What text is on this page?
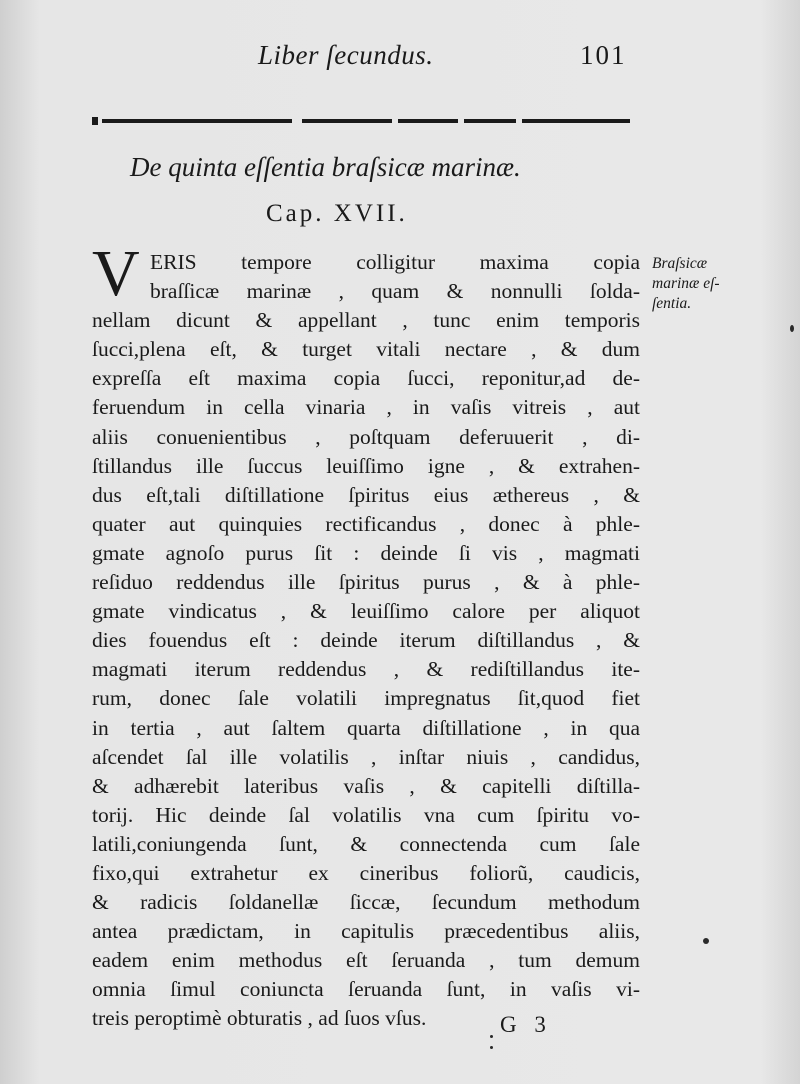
Liber ſecundus.	101
De quinta eſſentia braſsicæ marinæ.
Cap. XVII.
Braſsicæ
marinæ eſ-
ſentia.
V ERIS tempore colligitur maxima copia
braſſicæ marinæ , quam & nonnulli ſolda-
nellam dicunt & appellant , tunc enim temporis
ſucci,plena eſt, & turget vitali nectare , & dum
expreſſa eſt maxima copia ſucci, reponitur,ad de-
feruendum in cella vinaria , in vaſis vitreis , aut
aliis conuenientibus , poſtquam deferuuerit , di-
ſtillandus ille ſuccus leuiſſimo igne , & extrahen-
dus eſt,tali diſtillatione ſpiritus eius æthereus , &
quater aut quinquies rectificandus , donec à phle-
gmate agnoſo purus ſit : deinde ſi vis , magmati
reſiduo reddendus ille ſpiritus purus , & à phle-
gmate vindicatus , & leuiſſimo calore per aliquot
dies fouendus eſt : deinde iterum diſtillandus , &
magmati iterum reddendus , & rediſtillandus ite-
rum, donec ſale volatili impregnatus ſit,quod fiet
in tertia , aut ſaltem quarta diſtillatione , in qua
aſcendet ſal ille volatilis , inſtar niuis , candidus,
& adhærebit lateribus vaſis , & capitelli diſtilla-
torij. Hic deinde ſal volatilis vna cum ſpiritu vo-
latili,coniungenda ſunt, & connectenda cum ſale
fixo,qui extrahetur ex cineribus foliorũ, caudicis,
& radicis ſoldanellæ ſiccæ, ſecundum methodum
antea prædictam, in capitulis præcedentibus aliis,
eadem enim methodus eſt ſeruanda , tum demum
omnia ſimul coniuncta ſeruanda ſunt, in vaſis vi-
treis peroptimè obturatis , ad ſuos vſus.	G 3
